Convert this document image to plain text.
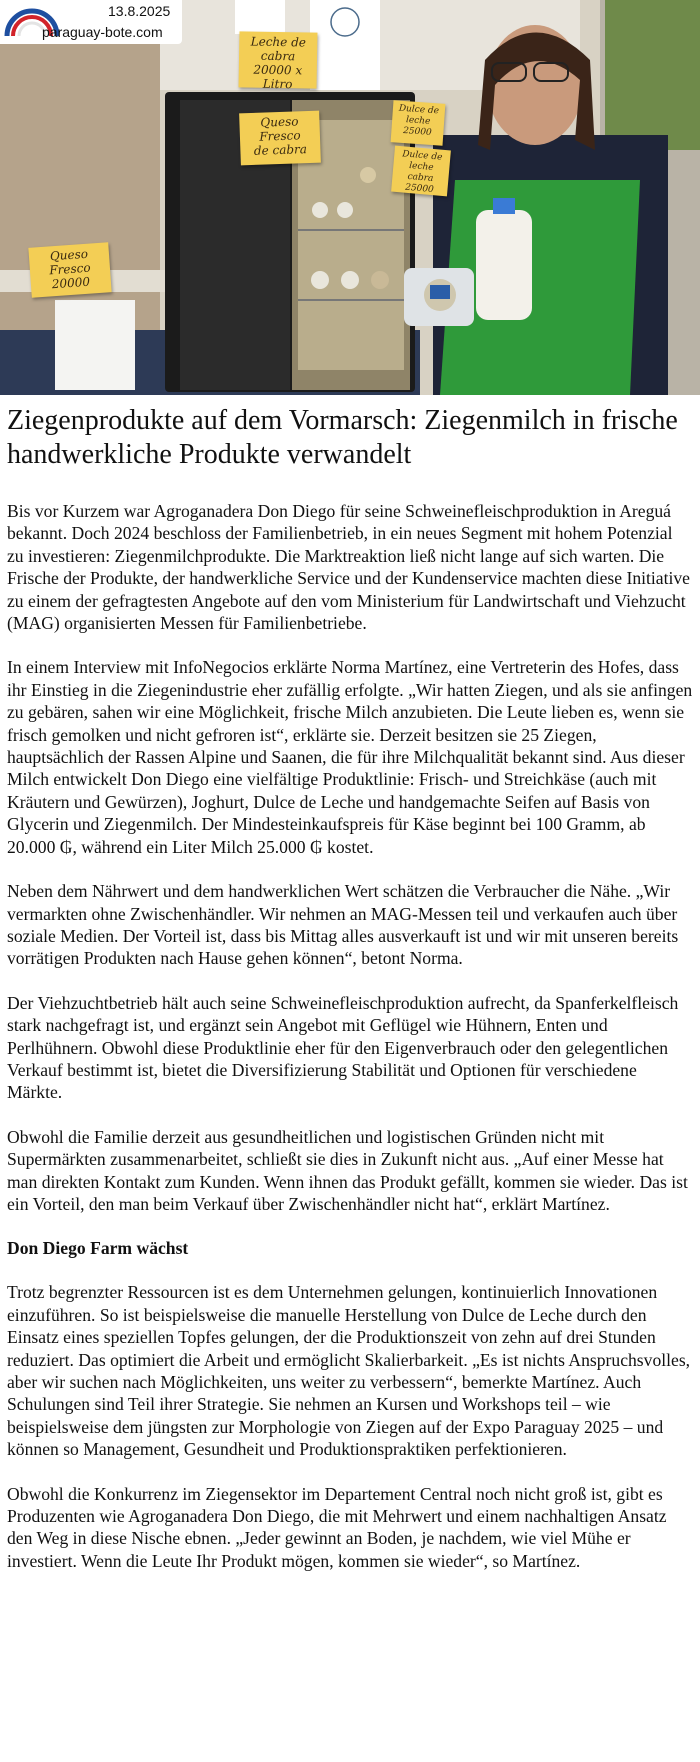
13.8.2025
paraguay-bote.com
Leche de cabra
20000 x
Litro
Queso Fresco
de cabra
Dulce de
leche
25000
Dulce de
leche cabra
25000
Queso Fresco
20000
Ziegenprodukte auf dem Vormarsch: Ziegenmilch in frische handwerkliche Produkte verwandelt

Bis vor Kurzem war Agroganadera Don Diego für seine Schweinefleischproduktion in Areguá bekannt. Doch 2024 beschloss der Familienbetrieb, in ein neues Segment mit hohem Potenzial zu investieren: Ziegenmilchprodukte. Die Marktreaktion ließ nicht lange auf sich warten. Die Frische der Produkte, der handwerkliche Service und der Kundenservice machten diese Initiative zu einem der gefragtesten Angebote auf den vom Ministerium für Landwirtschaft und Viehzucht (MAG) organisierten Messen für Familienbetriebe.

In einem Interview mit InfoNegocios erklärte Norma Martínez, eine Vertreterin des Hofes, dass ihr Einstieg in die Ziegenindustrie eher zufällig erfolgte. „Wir hatten Ziegen, und als sie anfingen zu gebären, sahen wir eine Möglichkeit, frische Milch anzubieten. Die Leute lieben es, wenn sie frisch gemolken und nicht gefroren ist“, erklärte sie. Derzeit besitzen sie 25 Ziegen, hauptsächlich der Rassen Alpine und Saanen, die für ihre Milchqualität bekannt sind. Aus dieser Milch entwickelt Don Diego eine vielfältige Produktlinie: Frisch- und Streichkäse (auch mit Kräutern und Gewürzen), Joghurt, Dulce de Leche und handgemachte Seifen auf Basis von Glycerin und Ziegenmilch. Der Mindesteinkaufspreis für Käse beginnt bei 100 Gramm, ab 20.000 ₲, während ein Liter Milch 25.000 ₲ kostet.

Neben dem Nährwert und dem handwerklichen Wert schätzen die Verbraucher die Nähe. „Wir vermarkten ohne Zwischenhändler. Wir nehmen an MAG-Messen teil und verkaufen auch über soziale Medien. Der Vorteil ist, dass bis Mittag alles ausverkauft ist und wir mit unseren bereits vorrätigen Produkten nach Hause gehen können“, betont Norma.

Der Viehzuchtbetrieb hält auch seine Schweinefleischproduktion aufrecht, da Spanferkelfleisch stark nachgefragt ist, und ergänzt sein Angebot mit Geflügel wie Hühnern, Enten und Perlhühnern. Obwohl diese Produktlinie eher für den Eigenverbrauch oder den gelegentlichen Verkauf bestimmt ist, bietet die Diversifizierung Stabilität und Optionen für verschiedene Märkte.

Obwohl die Familie derzeit aus gesundheitlichen und logistischen Gründen nicht mit Supermärkten zusammenarbeitet, schließt sie dies in Zukunft nicht aus. „Auf einer Messe hat man direkten Kontakt zum Kunden. Wenn ihnen das Produkt gefällt, kommen sie wieder. Das ist ein Vorteil, den man beim Verkauf über Zwischenhändler nicht hat“, erklärt Martínez.

Don Diego Farm wächst

Trotz begrenzter Ressourcen ist es dem Unternehmen gelungen, kontinuierlich Innovationen einzuführen. So ist beispielsweise die manuelle Herstellung von Dulce de Leche durch den Einsatz eines speziellen Topfes gelungen, der die Produktionszeit von zehn auf drei Stunden reduziert. Das optimiert die Arbeit und ermöglicht Skalierbarkeit. „Es ist nichts Anspruchsvolles, aber wir suchen nach Möglichkeiten, uns weiter zu verbessern“, bemerkte Martínez. Auch Schulungen sind Teil ihrer Strategie. Sie nehmen an Kursen und Workshops teil – wie beispielsweise dem jüngsten zur Morphologie von Ziegen auf der Expo Paraguay 2025 – und können so Management, Gesundheit und Produktionspraktiken perfektionieren.

Obwohl die Konkurrenz im Ziegensektor im Departement Central noch nicht groß ist, gibt es Produzenten wie Agroganadera Don Diego, die mit Mehrwert und einem nachhaltigen Ansatz den Weg in diese Nische ebnen. „Jeder gewinnt an Boden, je nachdem, wie viel Mühe er investiert. Wenn die Leute Ihr Produkt mögen, kommen sie wieder“, so Martínez.
